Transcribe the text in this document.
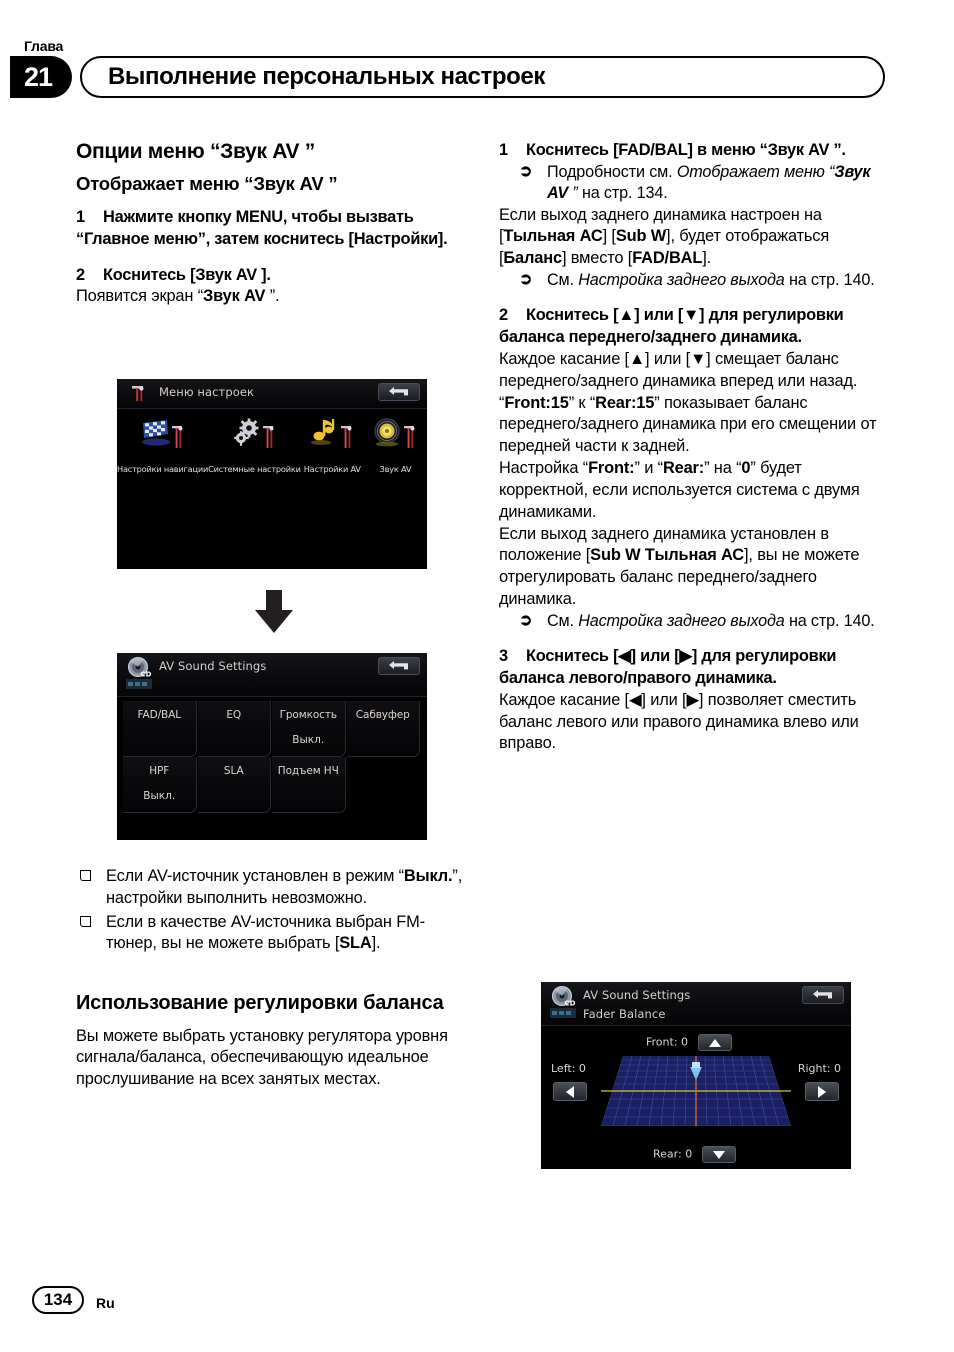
Глава
21	Выполнение персональных настроек
Опции меню “Звук AV ”
Отображает меню “Звук AV ”

1 Нажмите кнопку MENU, чтобы вызвать “Главное меню”, затем коснитесь [Настройки].

2 Коснитесь [Звук AV ].

Появится экран “Звук AV ”.

Меню настроек
Настройки навигации Системные настройки Настройки AV	Звук AV
CD
AV Sound Settings
FAD/BAL	EQ	Громкость
Выкл.
Сабвуфер
HPF
Выкл.
SLA	Подъем НЧ
Если AV-источник установлен в режим “Выкл.”, настройки выполнить невозможно.
Если в качестве AV-источника выбран FM-тюнер, вы не можете выбрать [SLA].
Использование регулировки баланса

Вы можете выбрать установку регулятора уровня сигнала/баланса, обеспечивающую идеальное прослушивание на всех занятых местах.

1 Коснитесь [FAD/BAL] в меню “Звук AV ”.

➲ Подробности см. Отображает меню “Звук AV ” на стр. 134.

Если выход заднего динамика настроен на [Тыльная АС] [Sub W], будет отображаться [Баланс] вместо [FAD/BAL].

➲ См. Настройка заднего выхода на стр. 140.

2 Коснитесь [▲] или [▼] для регулировки баланса переднего/заднего динамика.

Каждое касание [▲] или [▼] смещает баланс переднего/заднего динамика вперед или назад.

“Front:15” к “Rear:15” показывает баланс переднего/заднего динамика при его смещении от передней части к задней.

Настройка “Front:” и “Rear:” на “0” будет корректной, если используется система с двумя динамиками.

Если выход заднего динамика установлен в положение [Sub W Тыльная АС], вы не можете отрегулировать баланс переднего/заднего динамика.

➲ См. Настройка заднего выхода на стр. 140.

3 Коснитесь [◀] или [▶] для регулировки баланса левого/правого динамика.

Каждое касание [◀] или [▶] позволяет сместить баланс левого или правого динамика влево или вправо.

CD
AV Sound Settings
Fader Balance
Front: 0
Left: 0	Right: 0
Rear: 0
134	Ru
